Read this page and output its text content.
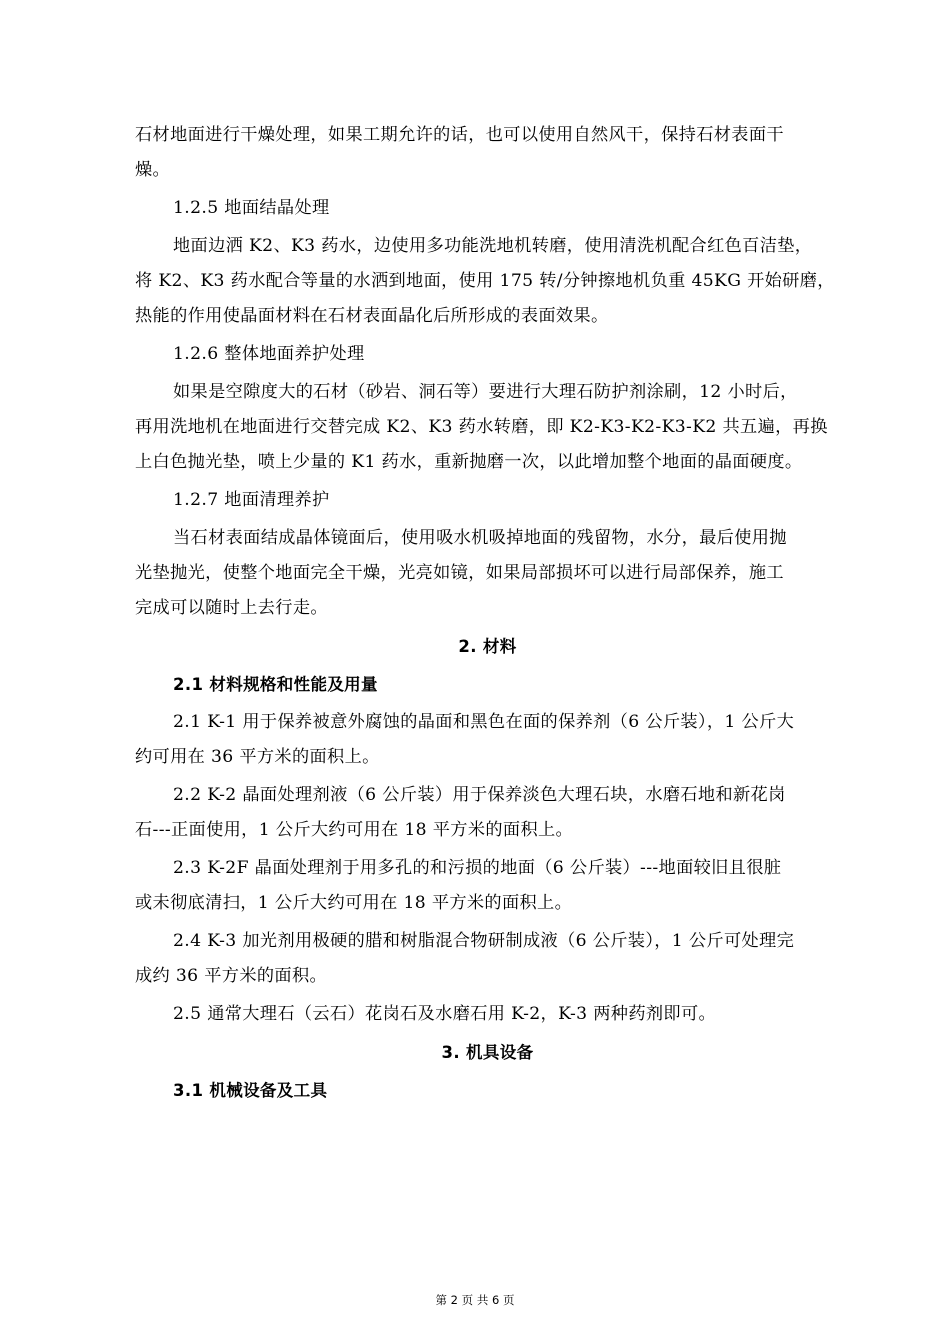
石材地面进行干燥处理，如果工期允许的话，也可以使用自然风干，保持石材表面干
燥。
1.2.5 地面结晶处理
地面边洒 K2、K3 药水，边使用多功能洗地机转磨，使用清洗机配合红色百洁垫，
将 K2、K3 药水配合等量的水洒到地面，使用 175 转/分钟擦地机负重 45KG 开始研磨，
热能的作用使晶面材料在石材表面晶化后所形成的表面效果。
1.2.6 整体地面养护处理
如果是空隙度大的石材（砂岩、洞石等）要进行大理石防护剂涂刷，12 小时后，
再用洗地机在地面进行交替完成 K2、K3 药水转磨，即 K2-K3-K2-K3-K2 共五遍，再换
上白色抛光垫，喷上少量的 K1 药水，重新抛磨一次，以此增加整个地面的晶面硬度。
1.2.7 地面清理养护
当石材表面结成晶体镜面后，使用吸水机吸掉地面的残留物，水分，最后使用抛
光垫抛光，使整个地面完全干燥，光亮如镜，如果局部损坏可以进行局部保养，施工
完成可以随时上去行走。
2. 材料
2.1 材料规格和性能及用量
2.1 K-1 用于保养被意外腐蚀的晶面和黑色在面的保养剂（6 公斤装），1 公斤大
约可用在 36 平方米的面积上。
2.2 K-2 晶面处理剂液（6 公斤装）用于保养淡色大理石块，水磨石地和新花岗
石---正面使用，1 公斤大约可用在 18 平方米的面积上。
2.3 K-2F 晶面处理剂于用多孔的和污损的地面（6 公斤装）---地面较旧且很脏
或未彻底清扫，1 公斤大约可用在 18 平方米的面积上。
2.4 K-3 加光剂用极硬的腊和树脂混合物研制成液（6 公斤装），1 公斤可处理完
成约 36 平方米的面积。
2.5 通常大理石（云石）花岗石及水磨石用 K-2，K-3 两种药剂即可。
3. 机具设备
3.1 机械设备及工具
第 2 页 共 6 页
